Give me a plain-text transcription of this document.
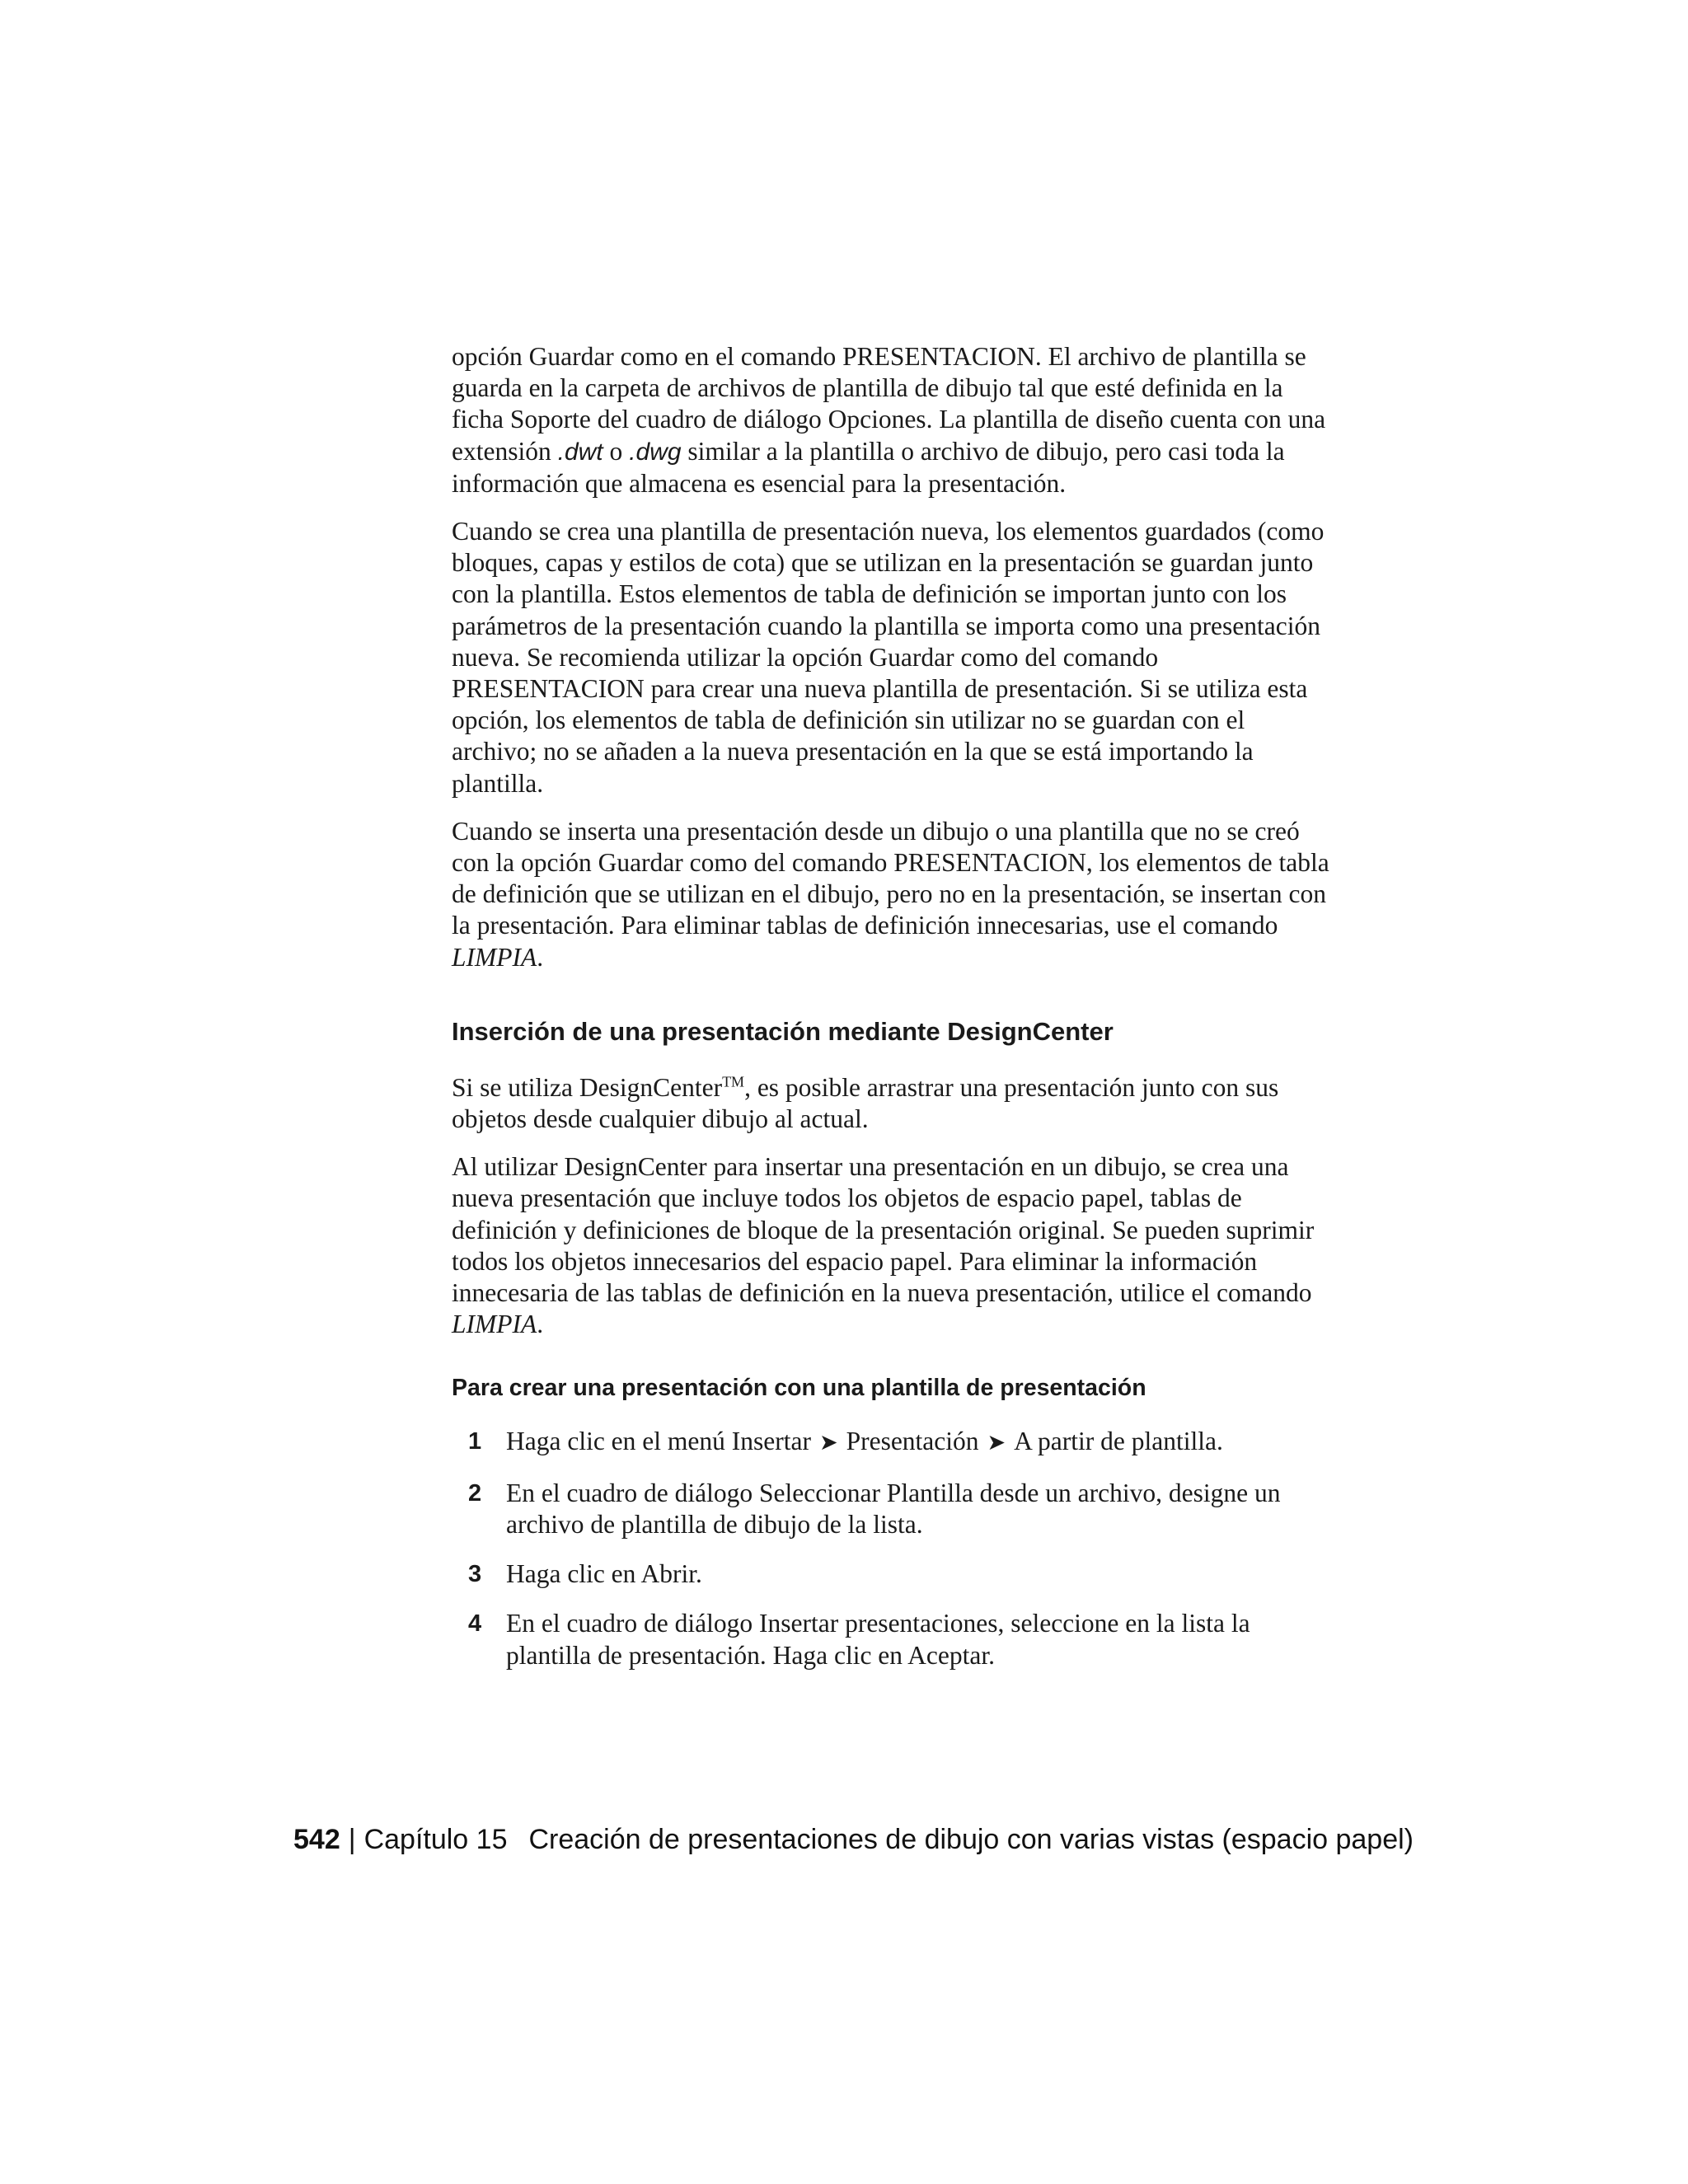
opción Guardar como en el comando PRESENTACION. El archivo de plantilla se guarda en la carpeta de archivos de plantilla de dibujo tal que esté definida en la ficha Soporte del cuadro de diálogo Opciones. La plantilla de diseño cuenta con una extensión .dwt o .dwg similar a la plantilla o archivo de dibujo, pero casi toda la información que almacena es esencial para la presentación.

Cuando se crea una plantilla de presentación nueva, los elementos guardados (como bloques, capas y estilos de cota) que se utilizan en la presentación se guardan junto con la plantilla. Estos elementos de tabla de definición se importan junto con los parámetros de la presentación cuando la plantilla se importa como una presentación nueva. Se recomienda utilizar la opción Guardar como del comando PRESENTACION para crear una nueva plantilla de presentación. Si se utiliza esta opción, los elementos de tabla de definición sin utilizar no se guardan con el archivo; no se añaden a la nueva presentación en la que se está importando la plantilla.

Cuando se inserta una presentación desde un dibujo o una plantilla que no se creó con la opción Guardar como del comando PRESENTACION, los elementos de tabla de definición que se utilizan en el dibujo, pero no en la presentación, se insertan con la presentación. Para eliminar tablas de definición innecesarias, use el comando LIMPIA.

Inserción de una presentación mediante DesignCenter

Si se utiliza DesignCenter™, es posible arrastrar una presentación junto con sus objetos desde cualquier dibujo al actual.

Al utilizar DesignCenter para insertar una presentación en un dibujo, se crea una nueva presentación que incluye todos los objetos de espacio papel, tablas de definición y definiciones de bloque de la presentación original. Se pueden suprimir todos los objetos innecesarios del espacio papel. Para eliminar la información innecesaria de las tablas de definición en la nueva presentación, utilice el comando LIMPIA.

Para crear una presentación con una plantilla de presentación
1 Haga clic en el menú Insertar ➤ Presentación ➤ A partir de plantilla.
2 En el cuadro de diálogo Seleccionar Plantilla desde un archivo, designe un archivo de plantilla de dibujo de la lista.
3 Haga clic en Abrir.
4 En el cuadro de diálogo Insertar presentaciones, seleccione en la lista la plantilla de presentación. Haga clic en Aceptar.
542 | Capítulo 15 Creación de presentaciones de dibujo con varias vistas (espacio papel)
